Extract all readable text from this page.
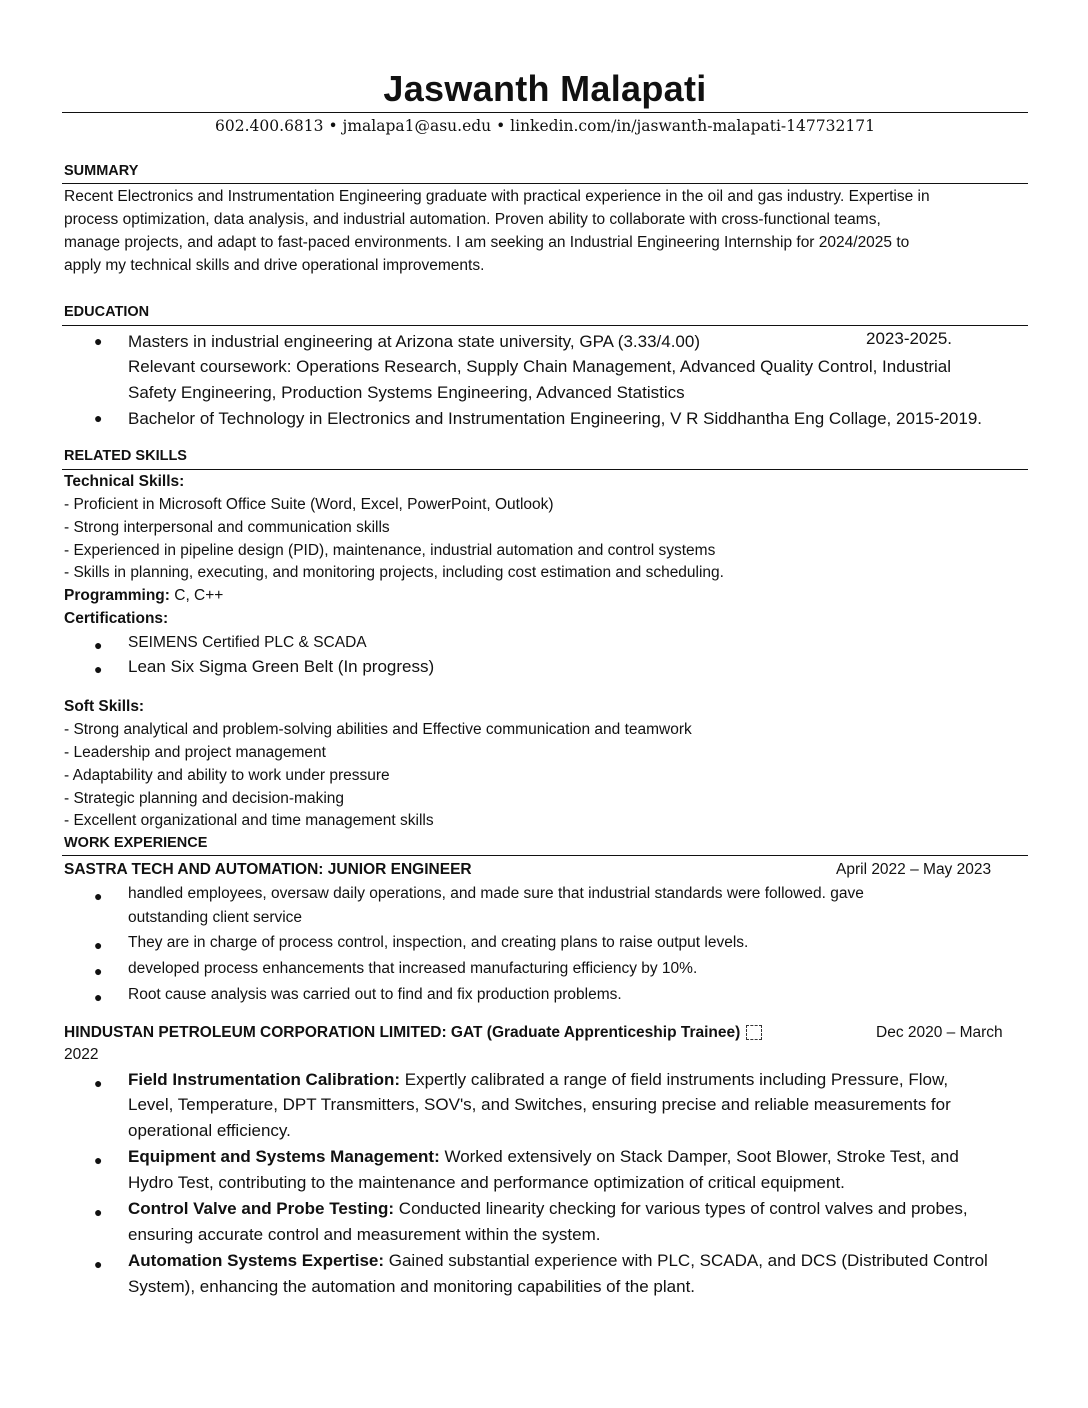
Jaswanth Malapati
602.400.6813 • jmalapa1@asu.edu • linkedin.com/in/jaswanth-malapati-147732171
SUMMARY
Recent Electronics and Instrumentation Engineering graduate with practical experience in the oil and gas industry. Expertise in
process optimization, data analysis, and industrial automation. Proven ability to collaborate with cross-functional teams,
manage projects, and adapt to fast-paced environments. I am seeking an Industrial Engineering Internship for 2024/2025 to
apply my technical skills and drive operational improvements.
EDUCATION
● Masters in industrial engineering at Arizona state university, GPA (3.33/4.00)	2023-2025.
Relevant coursework: Operations Research, Supply Chain Management, Advanced Quality Control, Industrial
Safety Engineering, Production Systems Engineering, Advanced Statistics
● Bachelor of Technology in Electronics and Instrumentation Engineering, V R Siddhantha Eng Collage, 2015-2019.
RELATED SKILLS
Technical Skills:
- Proficient in Microsoft Office Suite (Word, Excel, PowerPoint, Outlook)
- Strong interpersonal and communication skills
- Experienced in pipeline design (PID), maintenance, industrial automation and control systems
- Skills in planning, executing, and monitoring projects, including cost estimation and scheduling.
Programming: C, C++
Certifications:
● SEIMENS Certified PLC & SCADA
● Lean Six Sigma Green Belt (In progress)
Soft Skills:
- Strong analytical and problem-solving abilities and Effective communication and teamwork
- Leadership and project management
- Adaptability and ability to work under pressure
- Strategic planning and decision-making
- Excellent organizational and time management skills
WORK EXPERIENCE
SASTRA TECH AND AUTOMATION: JUNIOR ENGINEER	April 2022 – May 2023
● handled employees, oversaw daily operations, and made sure that industrial standards were followed. gave
outstanding client service
● They are in charge of process control, inspection, and creating plans to raise output levels.
● developed process enhancements that increased manufacturing efficiency by 10%.
● Root cause analysis was carried out to find and fix production problems.
HINDUSTAN PETROLEUM CORPORATION LIMITED: GAT (Graduate Apprenticeship Trainee)	Dec 2020 – March
2022
● Field Instrumentation Calibration: Expertly calibrated a range of field instruments including Pressure, Flow,
Level, Temperature, DPT Transmitters, SOV's, and Switches, ensuring precise and reliable measurements for
operational efficiency.
● Equipment and Systems Management: Worked extensively on Stack Damper, Soot Blower, Stroke Test, and
Hydro Test, contributing to the maintenance and performance optimization of critical equipment.
● Control Valve and Probe Testing: Conducted linearity checking for various types of control valves and probes,
ensuring accurate control and measurement within the system.
● Automation Systems Expertise: Gained substantial experience with PLC, SCADA, and DCS (Distributed Control
System), enhancing the automation and monitoring capabilities of the plant.
